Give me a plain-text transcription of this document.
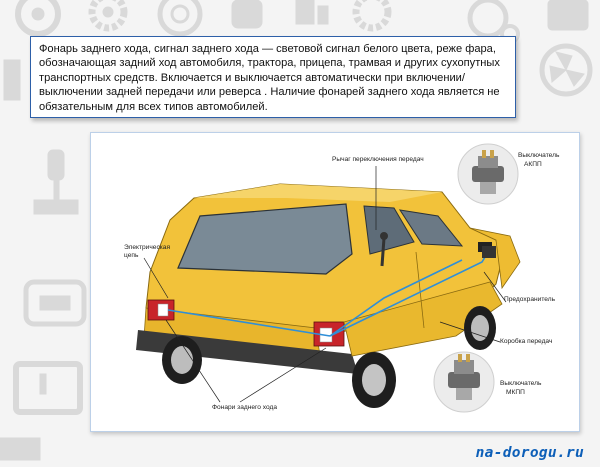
Фонарь заднего хода, сигнал заднего хода — световой сигнал белого цвета, реже фара, обозначающая задний ход автомобиля, трактора, прицепа, трамвая и других сухопутных транспортных средств. Включается и выключается автоматически при включении/выключении задней передачи или реверса . Наличие фонарей заднего хода является не обязательным для всех типов автомобилей.
Рычаг переключения передач
Выключатель
АКПП
Электрическая
цепь
Предохранитель
Коробка передач
Выключатель
МКПП
Фонари заднего хода
na-dorogu.ru
